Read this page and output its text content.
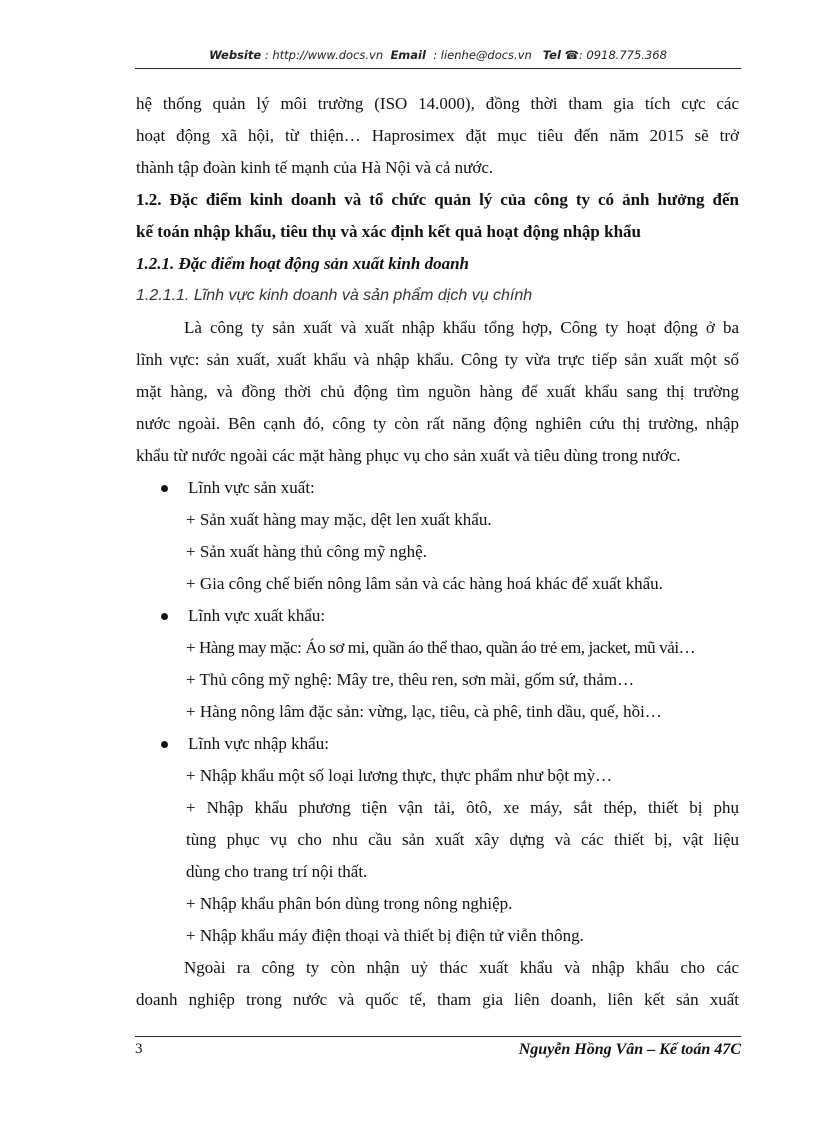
Website : http://www.docs.vn Email  : lienhe@docs.vn Tel ☎: 0918.775.368
hệ thống quản lý môi trường (ISO 14.000), đồng thời tham gia tích cực các
hoạt động xã hội, từ thiện… Haprosimex đặt mục tiêu đến năm 2015 sẽ trở
thành tập đoàn kinh tế mạnh của Hà Nội và cả nước.
1.2. Đặc điểm kinh doanh và tổ chức quản lý của công ty có ảnh hưởng đến
kế toán nhập khẩu, tiêu thụ và xác định kết quả hoạt động nhập khẩu
1.2.1. Đặc điểm hoạt động sản xuất kinh doanh
1.2.1.1. Lĩnh vực kinh doanh và sản phẩm dịch vụ chính
Là công ty sản xuất và xuất nhập khẩu tổng hợp, Công ty hoạt động ở ba
lĩnh vực: sản xuất, xuất khẩu và nhập khẩu. Công ty vừa trực tiếp sản xuất một số
mặt hàng, và đồng thời chủ động tìm nguồn hàng để xuất khẩu sang thị trường
nước ngoài. Bên cạnh đó, công ty còn rất năng động nghiên cứu thị trường, nhập
khẩu từ nước ngoài các mặt hàng phục vụ cho sản xuất và tiêu dùng trong nước.
Lĩnh vực sản xuất:
+ Sản xuất hàng may mặc, dệt len xuất khẩu.
+ Sản xuất hàng thủ công mỹ nghệ.
+ Gia công chế biến nông lâm sản và các hàng hoá khác để xuất khẩu.
Lĩnh vực xuất khẩu:
+ Hàng may mặc: Áo sơ mi, quần áo thể thao, quần áo trẻ em, jacket, mũ vải…
+ Thủ công mỹ nghệ: Mây tre, thêu ren, sơn mài, gốm sứ, thảm…
+ Hàng nông lâm đặc sản: vừng, lạc, tiêu, cà phê, tinh dầu, quế, hồi…
Lĩnh vực nhập khẩu:
+ Nhập khẩu một số loại lương thực, thực phẩm như bột mỳ…
+ Nhập khẩu phương tiện vận tải, ôtô, xe máy, sắt thép, thiết bị phụ
tùng phục vụ cho nhu cầu sản xuất xây dựng và các thiết bị, vật liệu
dùng cho trang trí nội thất.
+ Nhập khẩu phân bón dùng trong nông nghiệp.
+ Nhập khẩu máy điện thoại và thiết bị điện tử viễn thông.
Ngoài ra công ty còn nhận uỷ thác xuất khẩu và nhập khẩu cho các
doanh nghiệp trong nước và quốc tế, tham gia liên doanh, liên kết sản xuất
3	Nguyễn Hồng Vân – Kế toán 47C
